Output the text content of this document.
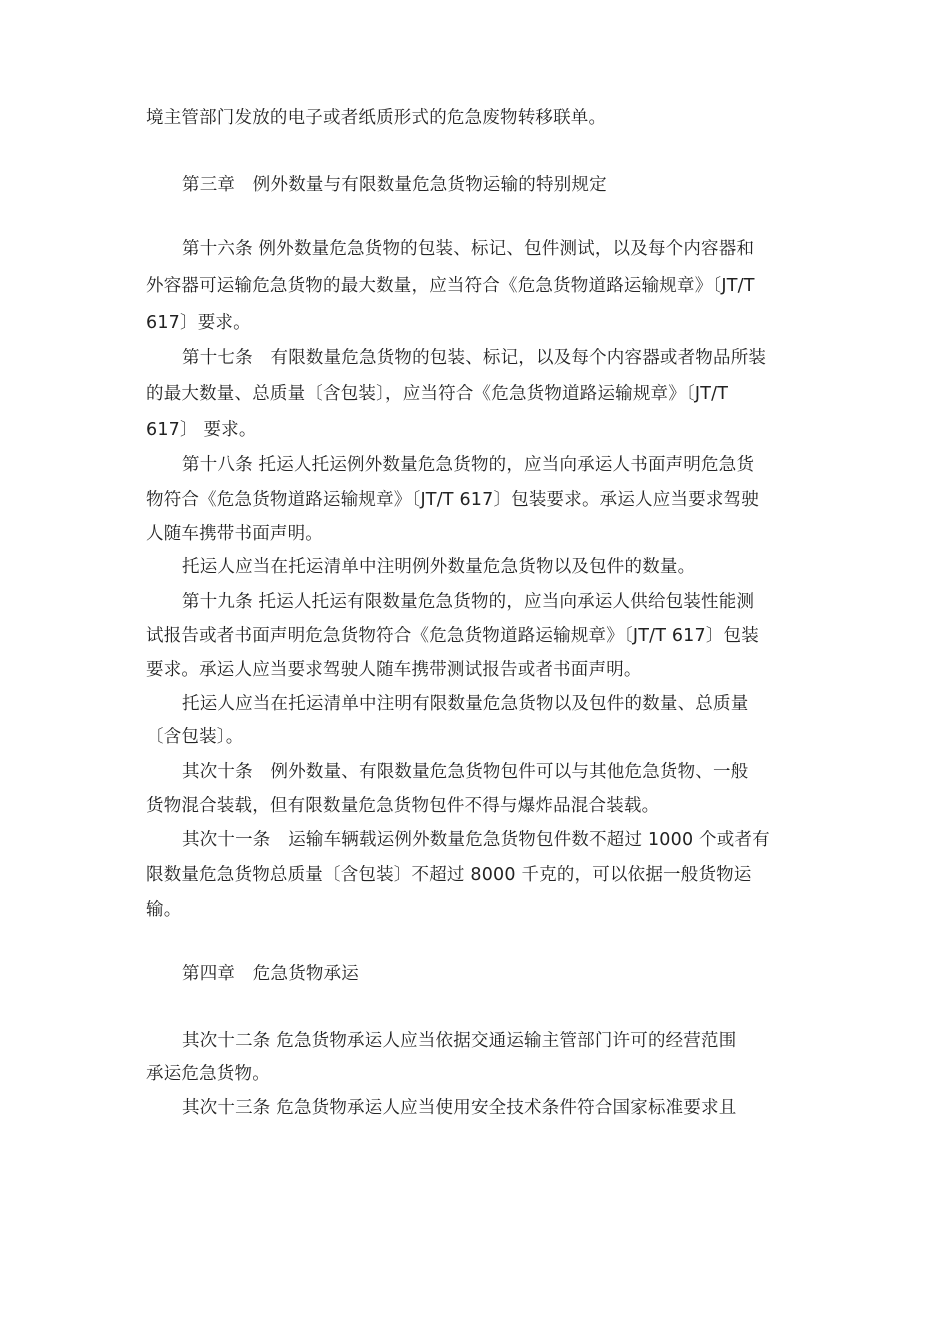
境主管部门发放的电子或者纸质形式的危急废物转移联单。
第三章　例外数量与有限数量危急货物运输的特别规定
第十六条 例外数量危急货物的包装、标记、包件测试，以及每个内容器和
外容器可运输危急货物的最大数量，应当符合《危急货物道路运输规章》〔JT/T
617〕要求。
第十七条　有限数量危急货物的包装、标记，以及每个内容器或者物品所装
的最大数量、总质量〔含包装〕，应当符合《危急货物道路运输规章》〔JT/T
617〕 要求。
第十八条 托运人托运例外数量危急货物的，应当向承运人书面声明危急货
物符合《危急货物道路运输规章》〔JT/T 617〕包装要求。承运人应当要求驾驶
人随车携带书面声明。
托运人应当在托运清单中注明例外数量危急货物以及包件的数量。
第十九条 托运人托运有限数量危急货物的，应当向承运人供给包装性能测
试报告或者书面声明危急货物符合《危急货物道路运输规章》〔JT/T 617〕包装
要求。承运人应当要求驾驶人随车携带测试报告或者书面声明。
托运人应当在托运清单中注明有限数量危急货物以及包件的数量、总质量
〔含包装〕。
其次十条　例外数量、有限数量危急货物包件可以与其他危急货物、一般
货物混合装载，但有限数量危急货物包件不得与爆炸品混合装载。
其次十一条　运输车辆载运例外数量危急货物包件数不超过 1000 个或者有
限数量危急货物总质量〔含包装〕不超过 8000 千克的，可以依据一般货物运
输。
第四章　危急货物承运
其次十二条 危急货物承运人应当依据交通运输主管部门许可的经营范围
承运危急货物。
其次十三条 危急货物承运人应当使用安全技术条件符合国家标准要求且
